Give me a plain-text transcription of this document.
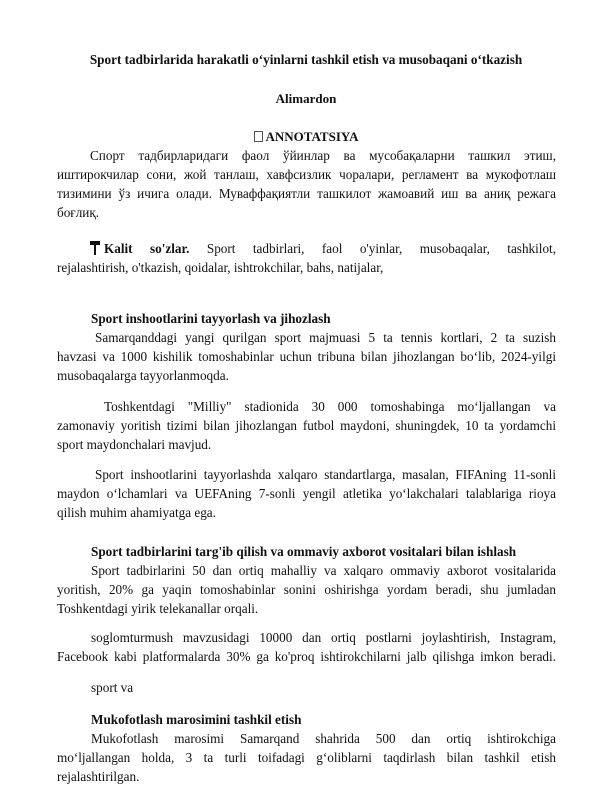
Sport tadbirlarida harakatli o‘yinlarni tashkil etish va musobaqani o‘tkazish
Alimardon
ANNOTATSIYA
Спорт тадбирларидаги фаол ўйинлар ва мусобақаларни ташкил этиш,
иштирокчилар сони, жой танлаш, хавфсизлик чоралари, регламент ва мукофотлаш
тизимини ўз ичига олади. Муваффақиятли ташкилот жамоавий иш ва аниқ режага
боғлиқ.
Kalit so'zlar. Sport tadbirlari, faol o'yinlar, musobaqalar, tashkilot,
rejalashtirish, o'tkazish, qoidalar, ishtrokchilar, bahs, natijalar,
Sport inshootlarini tayyorlash va jihozlash
Samarqanddagi yangi qurilgan sport majmuasi 5 ta tennis kortlari, 2 ta suzish
havzasi va 1000 kishilik tomoshabinlar uchun tribuna bilan jihozlangan bo‘lib, 2024-yilgi
musobaqalarga tayyorlanmoqda.
Toshkentdagi "Milliy" stadionida 30 000 tomoshabinga mo‘ljallangan va
zamonaviy yoritish tizimi bilan jihozlangan futbol maydoni, shuningdek, 10 ta yordamchi
sport maydonchalari mavjud.
Sport inshootlarini tayyorlashda xalqaro standartlarga, masalan, FIFAning 11-sonli
maydon o‘lchamlari va UEFAning 7-sonli yengil atletika yo‘lakchalari talablariga rioya
qilish muhim ahamiyatga ega.
Sport tadbirlarini targ'ib qilish va ommaviy axborot vositalari bilan ishlash
Sport tadbirlarini 50 dan ortiq mahalliy va xalqaro ommaviy axborot vositalarida
yoritish, 20% ga yaqin tomoshabinlar sonini oshirishga yordam beradi, shu jumladan
Toshkentdagi yirik telekanallar orqali.
soglomturmush mavzusidagi 10000 dan ortiq postlarni joylashtirish, Instagram,
Facebook kabi platformalarda 30% ga ko'proq ishtirokchilarni jalb qilishga imkon beradi.
sport va
Mukofotlash marosimini tashkil etish
Mukofotlash marosimi Samarqand shahrida 500 dan ortiq ishtirokchiga
mo‘ljallangan holda, 3 ta turli toifadagi g‘oliblarni taqdirlash bilan tashkil etish
rejalashtirilgan.
